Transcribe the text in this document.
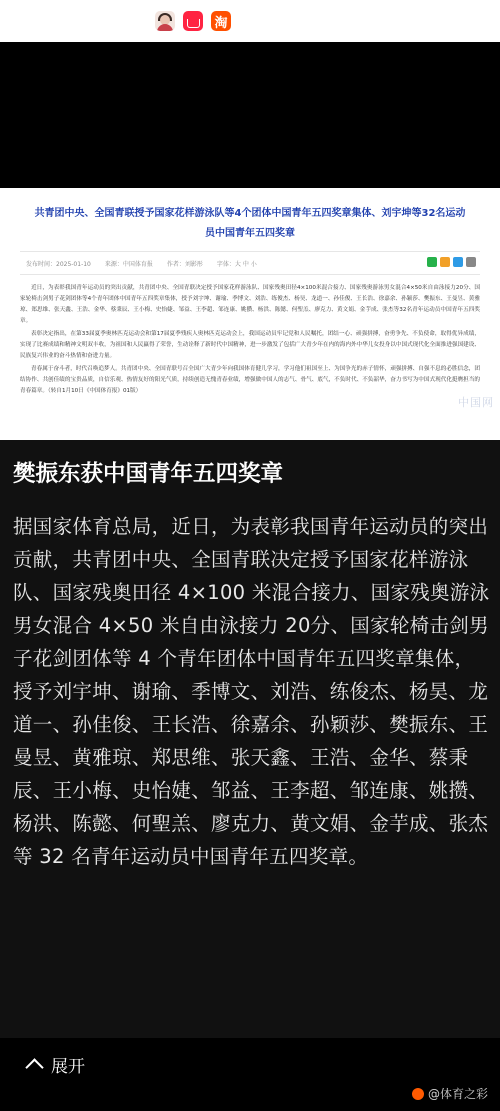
淘
共青团中央、全国青联授予国家花样游泳队等4个团体中国青年五四奖章集体、刘宇坤等32名运动员中国青年五四奖章
发布时间：2025-01-10 来源：中国体育报 作者：刘影彤 字体：大 中 小

近日，为表彰我国青年运动员的突出贡献，共青团中央、全国青联决定授予国家花样游泳队、国家残奥田径4×100米混合接力、国家残奥游泳男女混合4×50米自由泳接力20分、国家轮椅击剑男子花剑团体等4个青年团体中国青年五四奖章集体，授予刘宇坤、谢瑜、季博文、刘浩、练俊杰、杨昊、龙道一、孙佳俊、王长浩、徐嘉余、孙颖莎、樊振东、王曼昱、黄雅琼、郑思维、张天鑫、王浩、金华、蔡秉辰、王小梅、史怡婕、邹益、王李超、邹连康、姚攒、杨洪、陈懿、何聖羔、廖克力、黄文娟、金芋成、张杰等32名青年运动员中国青年五四奖章。

表彰决定指出，在第33届夏季奥林匹克运动会和第17届夏季残疾人奥林匹克运动会上，我国运动员牢记党和人民嘱托，团结一心、顽强拼搏，奋勇争先、不负使命，取得优异成绩，实现了比赛成绩和精神文明双丰收，为祖国和人民赢得了荣誉，生动诠释了新时代中国精神，进一步激发了包括广大青少年在内的海内外中华儿女投身以中国式现代化全面推进强国建设、民族复兴伟业的奋斗热情和奋进力量。

青春属于奋斗者，时代召唤追梦人。共青团中央、全国青联号召全国广大青少年向我国体育健儿学习，学习他们祖国至上、为国争光的赤子情怀，顽强拼搏、自强不息的必胜信念，团结协作、共创佳绩的宝贵品质，自信乐观、热情友好的阳光气质，持续创造无愧青春业绩，增强做中国人的志气、骨气、底气，不负时代、不负韶华，奋力书写为中国式现代化挺膺担当的青春篇章。（转自1月10日《中国体育报》01版）

中国网
樊振东获中国青年五四奖章

据国家体育总局，近日，为表彰我国青年运动员的突出贡献，共青团中央、全国青联决定授予国家花样游泳队、国家残奥田径 4×100 米混合接力、国家残奥游泳男女混合 4×50 米自由泳接力 20分、国家轮椅击剑男子花剑团体等 4 个青年团体中国青年五四奖章集体，授予刘宇坤、谢瑜、季博文、刘浩、练俊杰、杨昊、龙道一、孙佳俊、王长浩、徐嘉余、孙颖莎、樊振东、王曼昱、黄雅琼、郑思维、张天鑫、王浩、金华、蔡秉辰、王小梅、史怡婕、邹益、王李超、邹连康、姚攒、杨洪、陈懿、何聖羔、廖克力、黄文娟、金芋成、张杰等 32 名青年运动员中国青年五四奖章。

展开
@体育之彩
